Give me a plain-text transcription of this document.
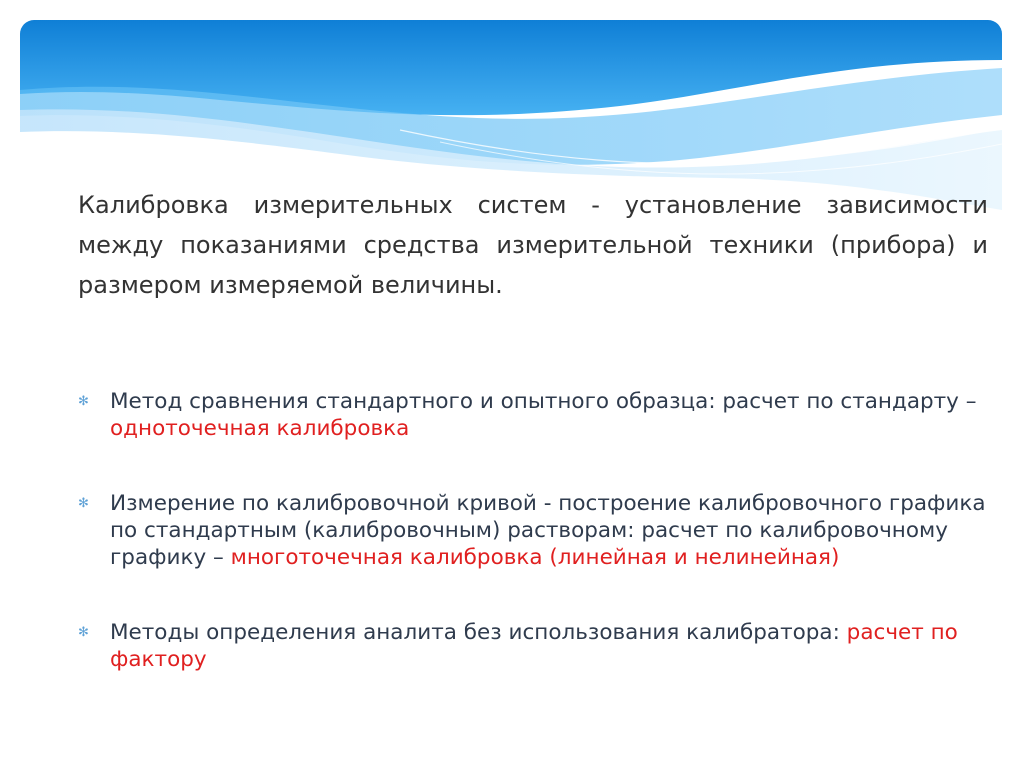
Калибровка измерительных систем - установление зависимости между показаниями средства измерительной техники (прибора) и размером измеряемой величины.
✻ Метод сравнения стандартного и опытного образца: расчет по стандарту – одноточечная калибровка
✻ Измерение по калибровочной кривой - построение калибровочного графика по стандартным (калибровочным) растворам: расчет по калибровочному графику – многоточечная калибровка (линейная и нелинейная)
✻ Методы определения аналита без использования калибратора: расчет по фактору
